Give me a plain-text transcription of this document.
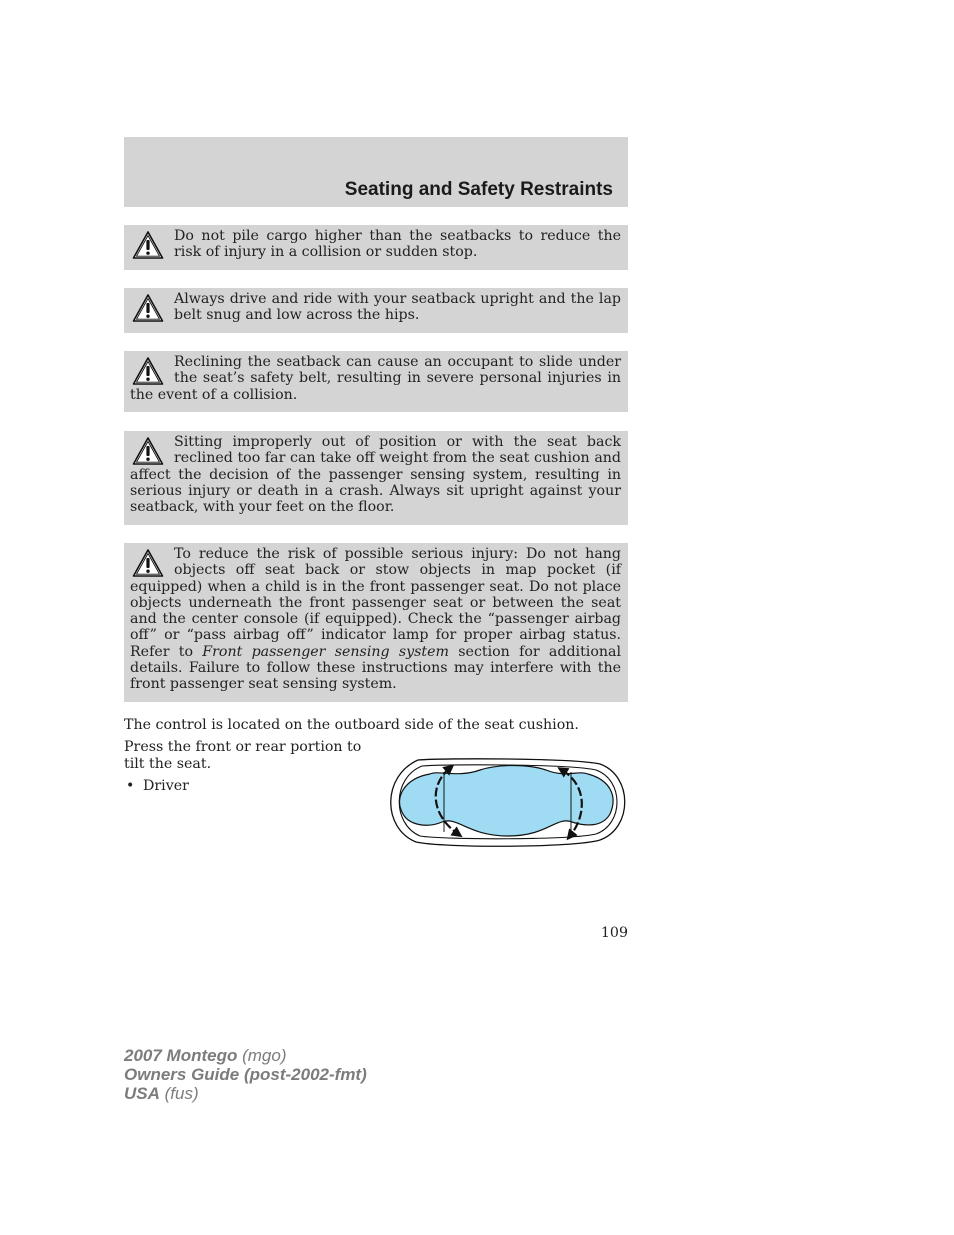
Seating and Safety Restraints
Do not pile cargo higher than the seatbacks to reduce the risk of injury in a collision or sudden stop.
Always drive and ride with your seatback upright and the lap belt snug and low across the hips.
Reclining the seatback can cause an occupant to slide under the seat’s safety belt, resulting in severe personal injuries in the event of a collision.
Sitting improperly out of position or with the seat back reclined too far can take off weight from the seat cushion and affect the decision of the passenger sensing system, resulting in serious injury or death in a crash. Always sit upright against your seatback, with your feet on the floor.
To reduce the risk of possible serious injury: Do not hang objects off seat back or stow objects in map pocket (if equipped) when a child is in the front passenger seat. Do not place objects underneath the front passenger seat or between the seat and the center console (if equipped). Check the “passenger airbag off” or “pass airbag off” indicator lamp for proper airbag status. Refer to Front passenger sensing system section for additional details. Failure to follow these instructions may interfere with the front passenger seat sensing system.

The control is located on the outboard side of the seat cushion.

Press the front or rear portion to tilt the seat.

• Driver

109
2007 Montego (mgo)
Owners Guide (post-2002-fmt)
USA (fus)
